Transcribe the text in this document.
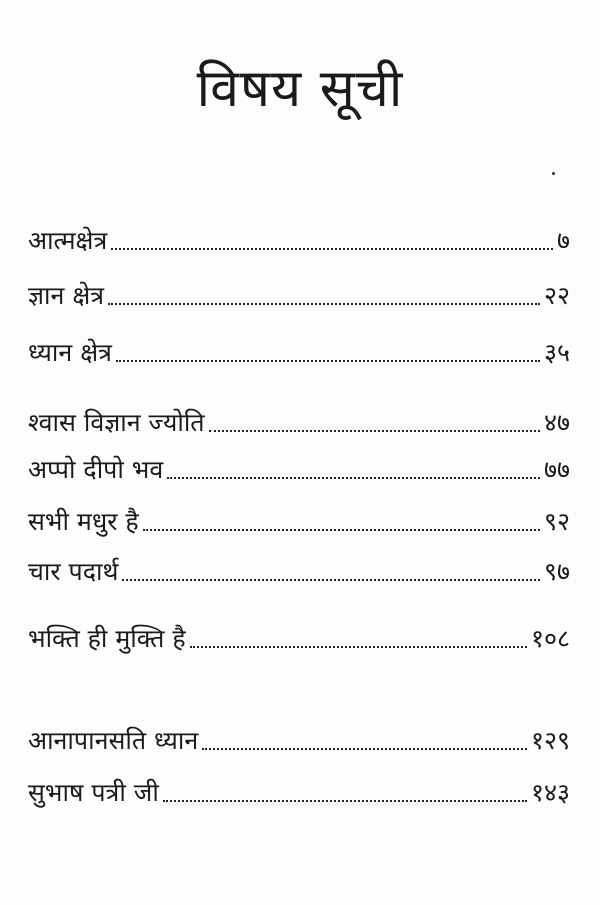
विषय सूची
आत्मक्षेत्र	७
ज्ञान क्षेत्र	२२
ध्यान क्षेत्र	३५
श्वास विज्ञान ज्योति	४७
अप्पो दीपो भव	७७
सभी मधुर है	९२
चार पदार्थ	९७
भक्ति ही मुक्ति है	१०८
आनापानसति ध्यान	१२९
सुभाष पत्री जी	१४३
